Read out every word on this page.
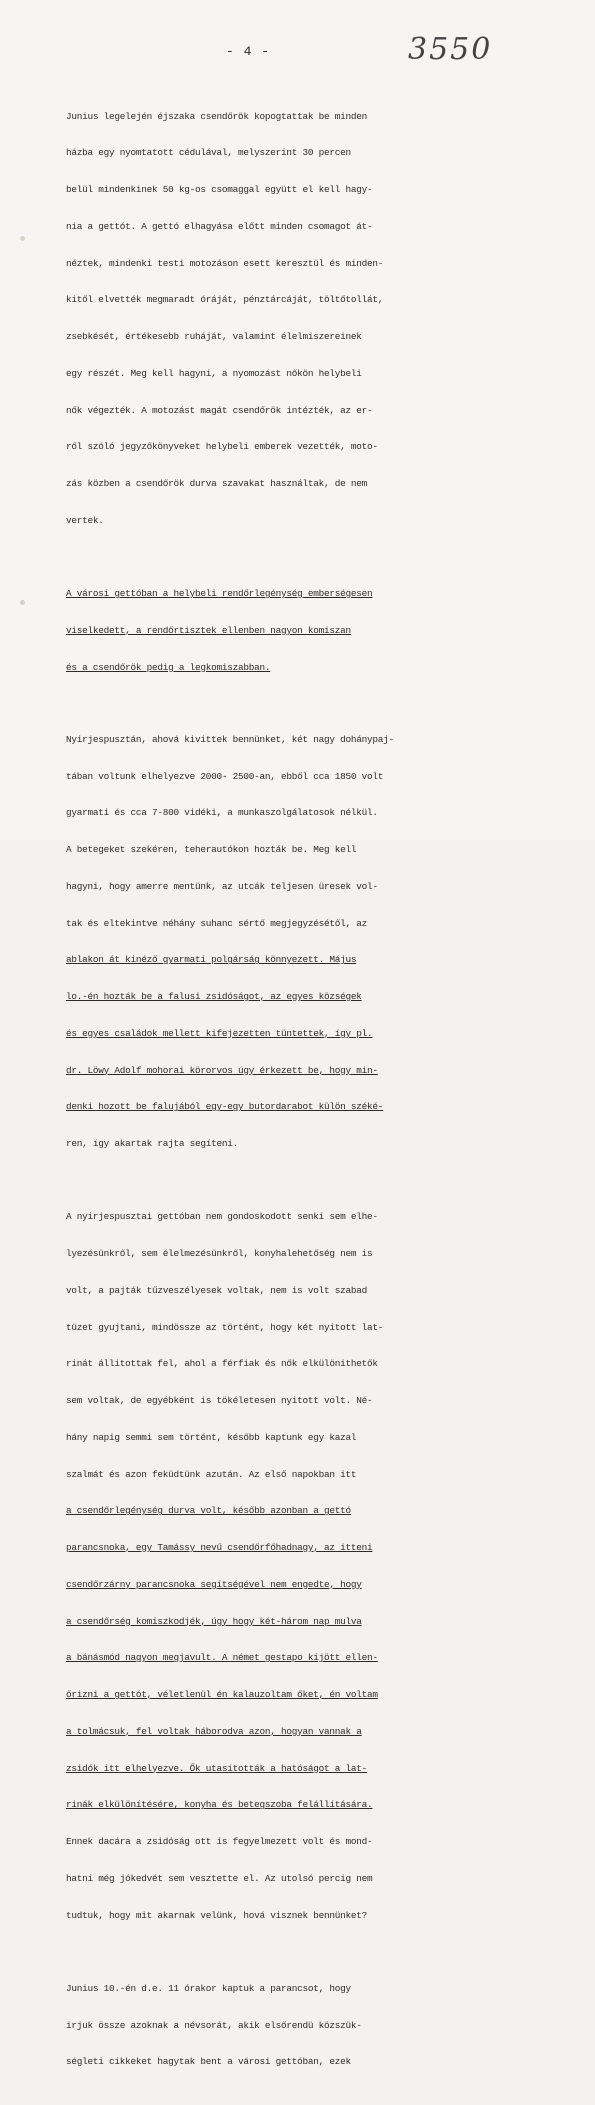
- 4 -	3550

Junius legelején éjszaka csendőrök kopogtattak be minden

házba egy nyomtatott cédulával, melyszerint 30 percen

belül mindenkinek 50 kg-os csomaggal együtt el kell hagy-

nia a gettót. A gettó elhagyása előtt minden csomagot át-

néztek, mindenki testi motozáson esett keresztül és minden-

kitől elvették megmaradt óráját, pénztárcáját, töltőtollát,

zsebkését, értékesebb ruháját, valamint élelmiszereinek

egy részét. Meg kell hagyni, a nyomozást nőkön helybeli

nők végezték. A motozást magát csendőrök intézték, az er-

ről szóló jegyzőkönyveket helybeli emberek vezették, moto-

zás közben a csendőrök durva szavakat használtak, de nem

vertek.

A városi gettóban a helybeli rendőrlegénység emberségesen

viselkedett, a rendőrtisztek ellenben nagyon komiszan

és a csendőrök pedig a legkomiszabban.

Nyirjespusztán, ahová kivittek bennünket, két nagy dohánypaj-

tában voltunk elhelyezve 2000- 2500-an, ebből cca 1850 volt

gyarmati és cca 7-800 vidéki, a munkaszolgálatosok nélkül.

A betegeket szekéren, teherautókon hozták be. Meg kell

hagyni, hogy amerre mentünk, az utcák teljesen üresek vol-

tak és eltekintve néhány suhanc sértő megjegyzésétől, az

ablakon át kinéző gyarmati polgárság könnyezett. Május

lo.-én hozták be a falusi zsidóságot, az egyes községek

és egyes családok mellett kifejezetten tüntettek, így pl.

dr. Löwy Adolf mohorai körorvos úgy érkezett be, hogy min-

denki hozott be falujából egy-egy butordarabot külön széké-

ren, így akartak rajta segíteni.

A nyirjespusztai gettóban nem gondoskodott senki sem elhe-

lyezésünkről, sem élelmezésünkről, konyhalehetőség nem is

volt, a pajták tűzveszélyesek voltak, nem is volt szabad

tüzet gyujtani, mindössze az történt, hogy két nyitott lat-

rinát állitottak fel, ahol a férfiak és nők elkülönithetők

sem voltak, de egyébként is tökéletesen nyitott volt. Né-

hány napig semmi sem történt, később kaptunk egy kazal

szalmát és azon feküdtünk azután. Az első napokban itt

a csendőrlegénység durva volt, később azonban a gettó

parancsnoka, egy Tamássy nevű csendőrfőhadnagy, az itteni

csendőrzárny parancsnoka segítségével nem engedte, hogy

a csendőrség komiszkodjék, úgy hogy két-három nap mulva

a bánásmód nagyon megjavult. A német gestapo kijött ellen-

őrizni a gettót, véletlenül én kalauzoltam őket, én voltam

a tolmácsuk, fel voltak háborodva azon, hogyan vannak a

zsidók itt elhelyezve. Ők utasították a hatóságot a lat-

rinák elkülönítésére, konyha és betegszoba felállítására.

Ennek dacára a zsidóság ott is fegyelmezett volt és mond-

hatni még jókedvét sem vesztette el. Az utolsó percig nem

tudtuk, hogy mit akarnak velünk, hová visznek bennünket?

Junius 10.-én d.e. 11 órakor kaptuk a parancsot, hogy

irjuk össze azoknak a névsorát, akik elsőrendü közszük-

ségleti cikkeket hagytak bent a városi gettóban, ezek
